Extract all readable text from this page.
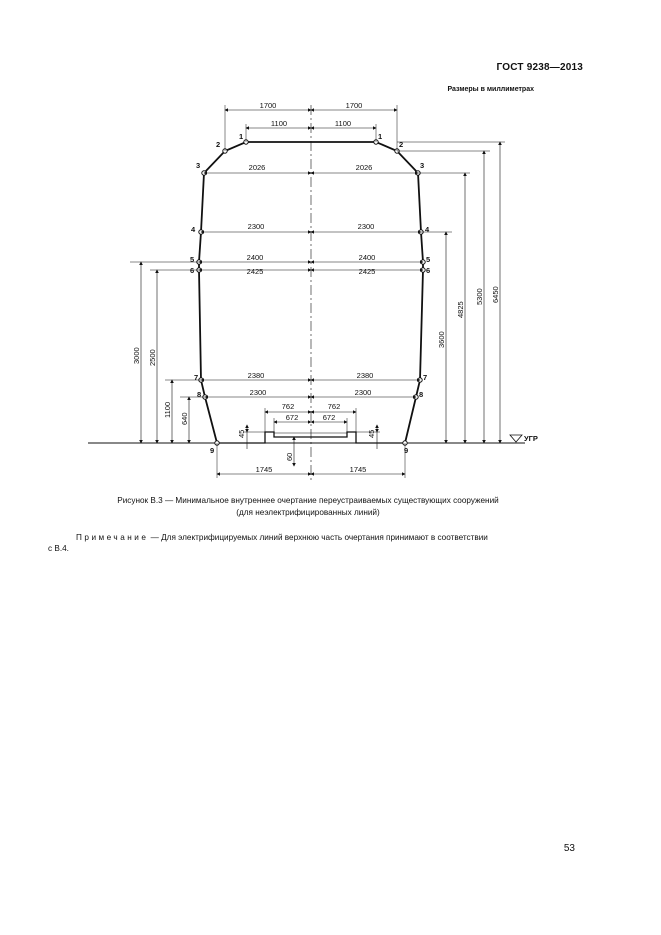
ГОСТ 9238—2013
Размеры в миллиметрах
УГР
1	1
2	2
3	3
4	4
5	5
6	6
7	7
8	8
9	9
1700	1700
1100	1100
2026	2026
2300	2300
2400	2400
2425	2425
2380	2380
2300	2300
762	762
672	672
1745	1745
3000 2500
1100
640
3600
4825
5300 6450
45	45
60
Рисунок В.3 — Минимальное внутреннее очертание переустраиваемых существующих сооружений
(для неэлектрифицированных линий)
Примечание — Для электрифицируемых линий верхнюю часть очертания принимают в соответствии
с В.4.
53
